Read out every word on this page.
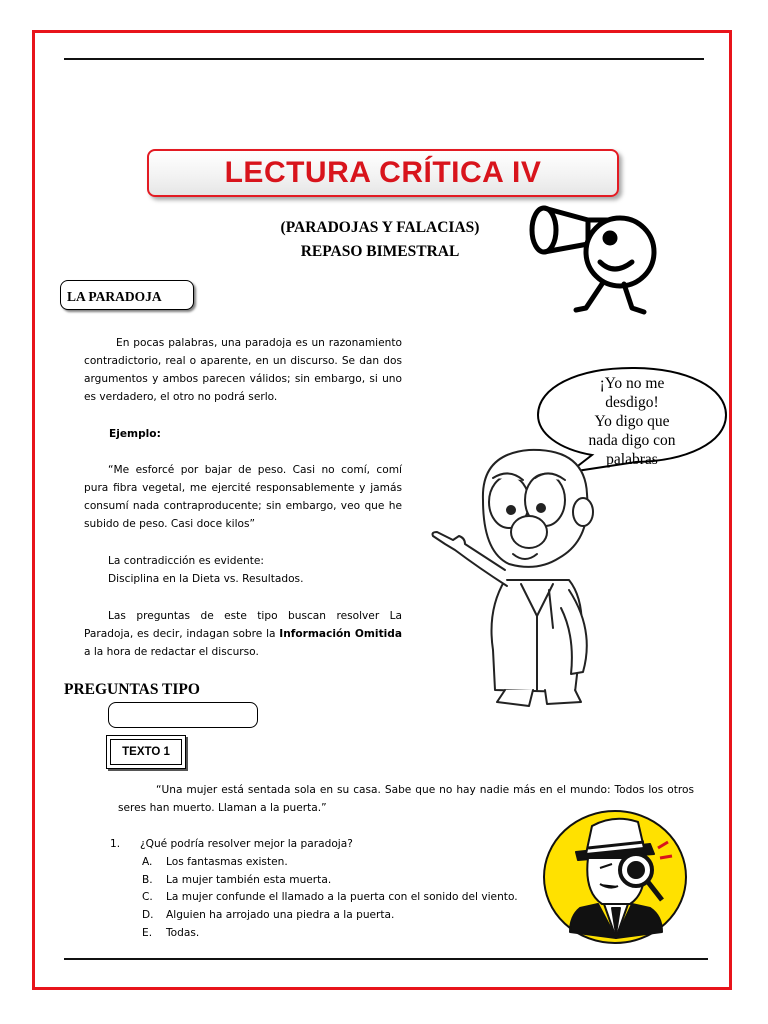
LECTURA CRÍTICA IV
(PARADOJAS Y FALACIAS)
REPASO BIMESTRAL
LA PARADOJA
En pocas palabras, una paradoja es un razonamiento contradictorio, real o aparente, en un discurso. Se dan dos argumentos y ambos parecen válidos; sin embargo, si uno es verdadero, el otro no podrá serlo.
Ejemplo:
“Me esforcé por bajar de peso. Casi no comí, comí pura fibra vegetal, me ejercité responsablemente y jamás consumí nada contraproducente; sin embargo, veo que he subido de peso. Casi doce kilos”
La contradicción es evidente:
Disciplina en la Dieta vs. Resultados.
Las preguntas de este tipo buscan resolver La Paradoja, es decir, indagan sobre la Información Omitida a la hora de redactar el discurso.
¡Yo no me
desdigo!
Yo digo que
nada digo con
palabras
PREGUNTAS TIPO
TEXTO 1
“Una mujer está sentada sola en su casa. Sabe que no hay nadie más en el mundo: Todos los otros seres han muerto. Llaman a la puerta.”
1. ¿Qué podría resolver mejor la paradoja?
A. Los fantasmas existen.
B. La mujer también esta muerta.
C. La mujer confunde el llamado a la puerta con el sonido del viento.
D. Alguien ha arrojado una piedra a la puerta.
E. Todas.
